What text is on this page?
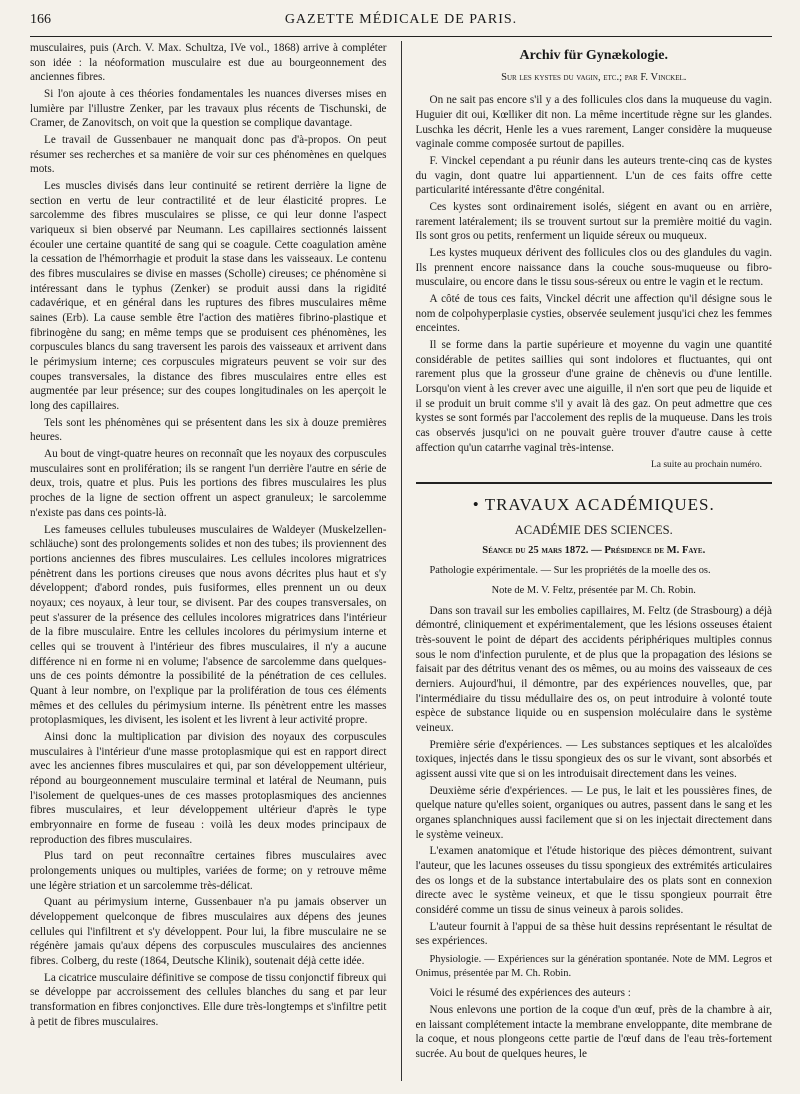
166	GAZETTE MÉDICALE DE PARIS.

musculaires, puis (Arch. V. Max. Schultza, IVe vol., 1868) arrive à compléter son idée : la néoformation musculaire est due au bourgeonnement des anciennes fibres.

Si l'on ajoute à ces théories fondamentales les nuances diverses mises en lumière par l'illustre Zenker, par les travaux plus récents de Tischunski, de Cramer, de Zanovitsch, on voit que la question se complique davantage.

Le travail de Gussenbauer ne manquait donc pas d'à-propos. On peut résumer ses recherches et sa manière de voir sur ces phénomènes en quelques mots.

Les muscles divisés dans leur continuité se retirent derrière la ligne de section en vertu de leur contractilité et de leur élasticité propres. Le sarcolemme des fibres musculaires se plisse, ce qui leur donne l'aspect variqueux si bien observé par Neumann. Les capillaires sectionnés laissent écouler une certaine quantité de sang qui se coagule. Cette coagulation amène la cessation de l'hémorrhagie et produit la stase dans les vaisseaux. Le contenu des fibres musculaires se divise en masses (Scholle) cireuses; ce phénomène si intéressant dans le typhus (Zenker) se produit aussi dans la rigidité cadavérique, et en général dans les ruptures des fibres musculaires même saines (Erb). La cause semble être l'action des matières fibrino-plastique et fibrinogène du sang; en même temps que se produisent ces phénomènes, les corpuscules blancs du sang traversent les parois des vaisseaux et arrivent dans le périmysium interne; ces corpuscules migrateurs peuvent se voir sur des coupes transversales, la distance des fibres musculaires entre elles est augmentée par leur présence; sur des coupes longitudinales on les aperçoit le long des capillaires.

Tels sont les phénomènes qui se présentent dans les six à douze premières heures.

Au bout de vingt-quatre heures on reconnaît que les noyaux des corpuscules musculaires sont en prolifération; ils se rangent l'un derrière l'autre en série de deux, trois, quatre et plus. Puis les portions des fibres musculaires les plus proches de la ligne de section offrent un aspect granuleux; le sarcolemme n'existe pas dans ces points-là.

Les fameuses cellules tubuleuses musculaires de Waldeyer (Muskelzellen-schläuche) sont des prolongements solides et non des tubes; ils proviennent des portions anciennes des fibres musculaires. Les cellules incolores migratrices pénètrent dans les portions cireuses que nous avons décrites plus haut et s'y développent; d'abord rondes, puis fusiformes, elles prennent un ou deux noyaux; ces noyaux, à leur tour, se divisent. Par des coupes transversales, on peut s'assurer de la présence des cellules incolores migratrices dans l'intérieur de la fibre musculaire. Entre les cellules incolores du périmysium interne et celles qui se trouvent à l'intérieur des fibres musculaires, il n'y a aucune différence ni en forme ni en volume; l'absence de sarcolemme dans quelques-uns de ces points démontre la possibilité de la pénétration de ces cellules. Quant à leur nombre, on l'explique par la prolifération de tous ces éléments mêmes et des cellules du périmysium interne. Ils pénètrent entre les masses protoplasmiques, les divisent, les isolent et les livrent à leur activité propre.

Ainsi donc la multiplication par division des noyaux des corpuscules musculaires à l'intérieur d'une masse protoplasmique qui est en rapport direct avec les anciennes fibres musculaires et qui, par son développement ultérieur, répond au bourgeonnement musculaire terminal et latéral de Neumann, puis l'isolement de quelques-unes de ces masses protoplasmiques des anciennes fibres musculaires, et leur développement ultérieur d'après le type embryonnaire en forme de fuseau : voilà les deux modes principaux de reproduction des fibres musculaires.

Plus tard on peut reconnaître certaines fibres musculaires avec prolongements uniques ou multiples, variées de forme; on y retrouve même une légère striation et un sarcolemme très-délicat.

Quant au périmysium interne, Gussenbauer n'a pu jamais observer un développement quelconque de fibres musculaires aux dépens des jeunes cellules qui l'infiltrent et s'y développent. Pour lui, la fibre musculaire ne se régénère jamais qu'aux dépens des corpuscules musculaires des anciennes fibres. Colberg, du reste (1864, Deutsche Klinik), soutenait déjà cette idée.

La cicatrice musculaire définitive se compose de tissu conjonctif fibreux qui se développe par accroissement des cellules blanches du sang et par leur transformation en fibres conjonctives. Elle dure très-longtemps et s'infiltre petit à petit de fibres musculaires.

Archiv für Gynækologie.
Sur les kystes du vagin, etc.; par F. Vinckel.

On ne sait pas encore s'il y a des follicules clos dans la muqueuse du vagin. Huguier dit oui, Kœlliker dit non. La même incertitude règne sur les glandes. Luschka les décrit, Henle les a vues rarement, Langer considère la muqueuse vaginale comme composée surtout de papilles.

F. Vinckel cependant a pu réunir dans les auteurs trente-cinq cas de kystes du vagin, dont quatre lui appartiennent. L'un de ces faits offre cette particularité intéressante d'être congénital.

Ces kystes sont ordinairement isolés, siégent en avant ou en arrière, rarement latéralement; ils se trouvent surtout sur la première moitié du vagin. Ils sont gros ou petits, renferment un liquide séreux ou muqueux.

Les kystes muqueux dérivent des follicules clos ou des glandules du vagin. Ils prennent encore naissance dans la couche sous-muqueuse ou fibro-musculaire, ou encore dans le tissu sous-séreux ou entre le vagin et le rectum.

A côté de tous ces faits, Vinckel décrit une affection qu'il désigne sous le nom de colpohyperplasie cysties, observée seulement jusqu'ici chez les femmes enceintes.

Il se forme dans la partie supérieure et moyenne du vagin une quantité considérable de petites saillies qui sont indolores et fluctuantes, qui ont rarement plus que la grosseur d'une graine de chènevis ou d'une lentille. Lorsqu'on vient à les crever avec une aiguille, il n'en sort que peu de liquide et il se produit un bruit comme s'il y avait là des gaz. On peut admettre que ces kystes se sont formés par l'accolement des replis de la muqueuse. Dans les trois cas observés jusqu'ici on ne pouvait guère trouver d'autre cause à cette affection qu'un catarrhe vaginal très-intense.

La suite au prochain numéro.
• TRAVAUX ACADÉMIQUES.
ACADÉMIE DES SCIENCES.
Séance du 25 mars 1872. — Présidence de M. Faye.
Pathologie expérimentale. — Sur les propriétés de la moelle des os.
Note de M. V. Feltz, présentée par M. Ch. Robin.

Dans son travail sur les embolies capillaires, M. Feltz (de Strasbourg) a déjà démontré, cliniquement et expérimentalement, que les lésions osseuses étaient très-souvent le point de départ des accidents périphériques multiples connus sous le nom d'infection purulente, et de plus que la propagation des lésions se faisait par des détritus venant des os mêmes, ou au moins des vaisseaux de ces derniers. Aujourd'hui, il démontre, par des expériences nouvelles, que, par l'intermédiaire du tissu médullaire des os, on peut introduire à volonté toute espèce de substance liquide ou en suspension moléculaire dans le système veineux.

Première série d'expériences. — Les substances septiques et les alcaloïdes toxiques, injectés dans le tissu spongieux des os sur le vivant, sont absorbés et agissent aussi vite que si on les introduisait directement dans les veines.

Deuxième série d'expériences. — Le pus, le lait et les poussières fines, de quelque nature qu'elles soient, organiques ou autres, passent dans le sang et les organes splanchniques aussi facilement que si on les injectait directement dans le système veineux.

L'examen anatomique et l'étude historique des pièces démontrent, suivant l'auteur, que les lacunes osseuses du tissu spongieux des extrémités articulaires des os longs et de la substance intertabulaire des os plats sont en connexion directe avec le système veineux, et que le tissu spongieux pourrait être considéré comme un tissu de sinus veineux à parois solides.

L'auteur fournit à l'appui de sa thèse huit dessins représentant le résultat de ses expériences.

Physiologie. — Expériences sur la génération spontanée. Note de MM. Legros et Onimus, présentée par M. Ch. Robin.

Voici le résumé des expériences des auteurs :

Nous enlevons une portion de la coque d'un œuf, près de la chambre à air, en laissant complétement intacte la membrane enveloppante, dite membrane de la coque, et nous plongeons cette partie de l'œuf dans de l'eau très-fortement sucrée. Au bout de quelques heures, le
